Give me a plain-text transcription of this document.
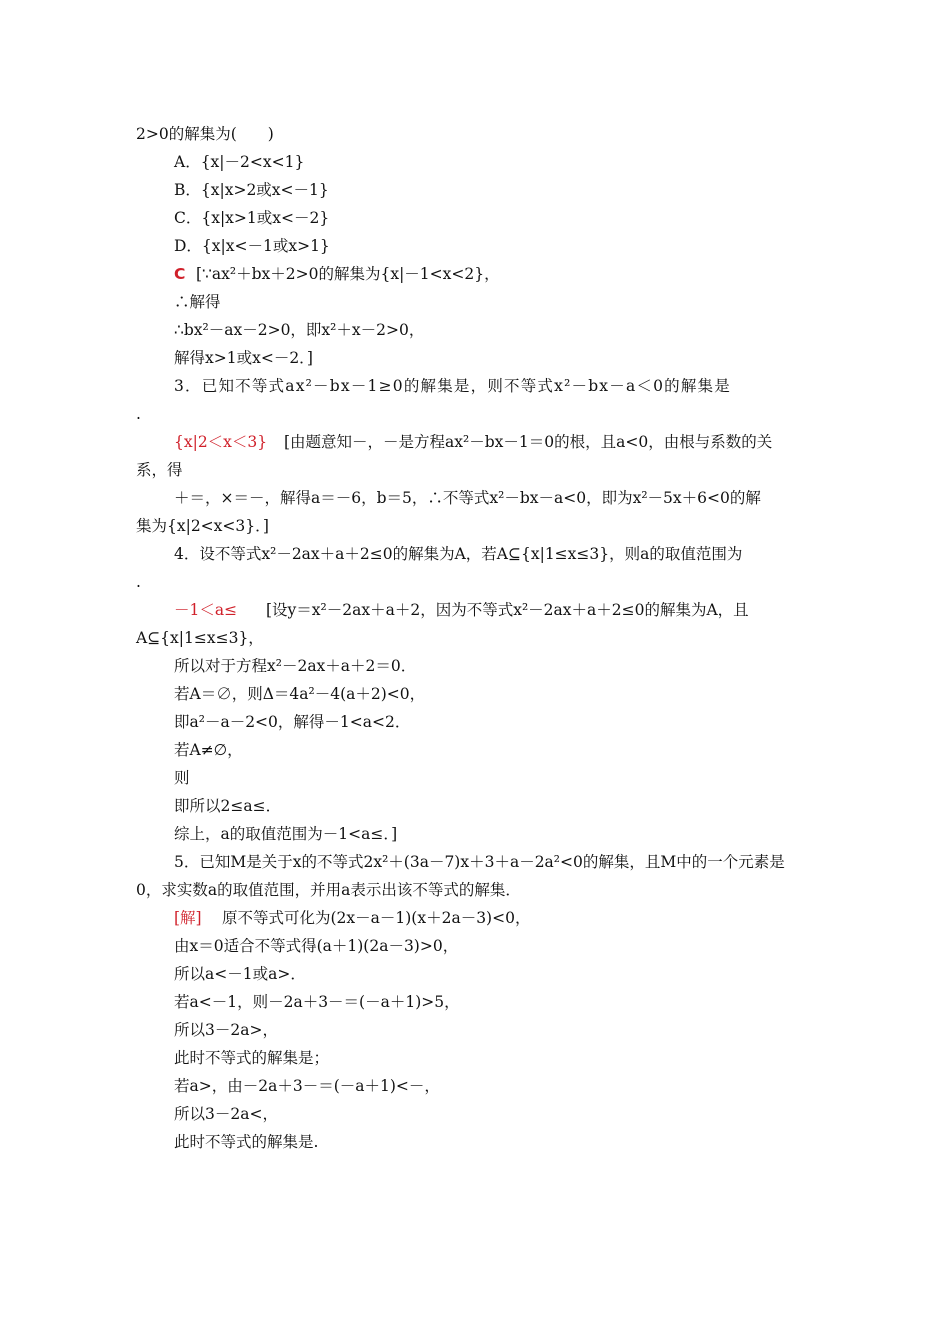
2>0的解集为(　　)
A．{x|－2<x<1}
B．{x|x>2或x<－1}
C．{x|x>1或x<－2}
D．{x|x<－1或x>1}
C [∵ax²＋bx＋2>0的解集为{x|－1<x<2}，
∴解得
∴bx²－ax－2>0，即x²＋x－2>0，
解得x>1或x<－2．]
3．已知不等式ax²－bx－1≥0的解集是，则不等式x²－bx－a＜0的解集是
.
{x|2＜x＜3} [由题意知－，－是方程ax²－bx－1＝0的根，且a<0，由根与系数的关
系，得
＋＝，×＝－，解得a＝－6，b＝5，∴不等式x²－bx－a<0，即为x²－5x＋6<0的解
集为{x|2<x<3}．]
4．设不等式x²－2ax＋a＋2≤0的解集为A，若A⊆{x|1≤x≤3}，则a的取值范围为
.
－1＜a≤ [设y＝x²－2ax＋a＋2，因为不等式x²－2ax＋a＋2≤0的解集为A，且
A⊆{x|1≤x≤3}，
所以对于方程x²－2ax＋a＋2＝0．
若A＝∅，则Δ＝4a²－4(a＋2)<0，
即a²－a－2<0，解得－1<a<2．
若A≠∅，
则
即所以2≤a≤．
综上，a的取值范围为－1<a≤．]
5．已知M是关于x的不等式2x²＋(3a－7)x＋3＋a－2a²<0的解集，且M中的一个元素是
0，求实数a的取值范围，并用a表示出该不等式的解集．
[解] 原不等式可化为(2x－a－1)(x＋2a－3)<0，
由x＝0适合不等式得(a＋1)(2a－3)>0，
所以a<－1或a>．
若a<－1，则－2a＋3－＝(－a＋1)>5，
所以3－2a>，
此时不等式的解集是；
若a>，由－2a＋3－＝(－a＋1)<－，
所以3－2a<，
此时不等式的解集是.
